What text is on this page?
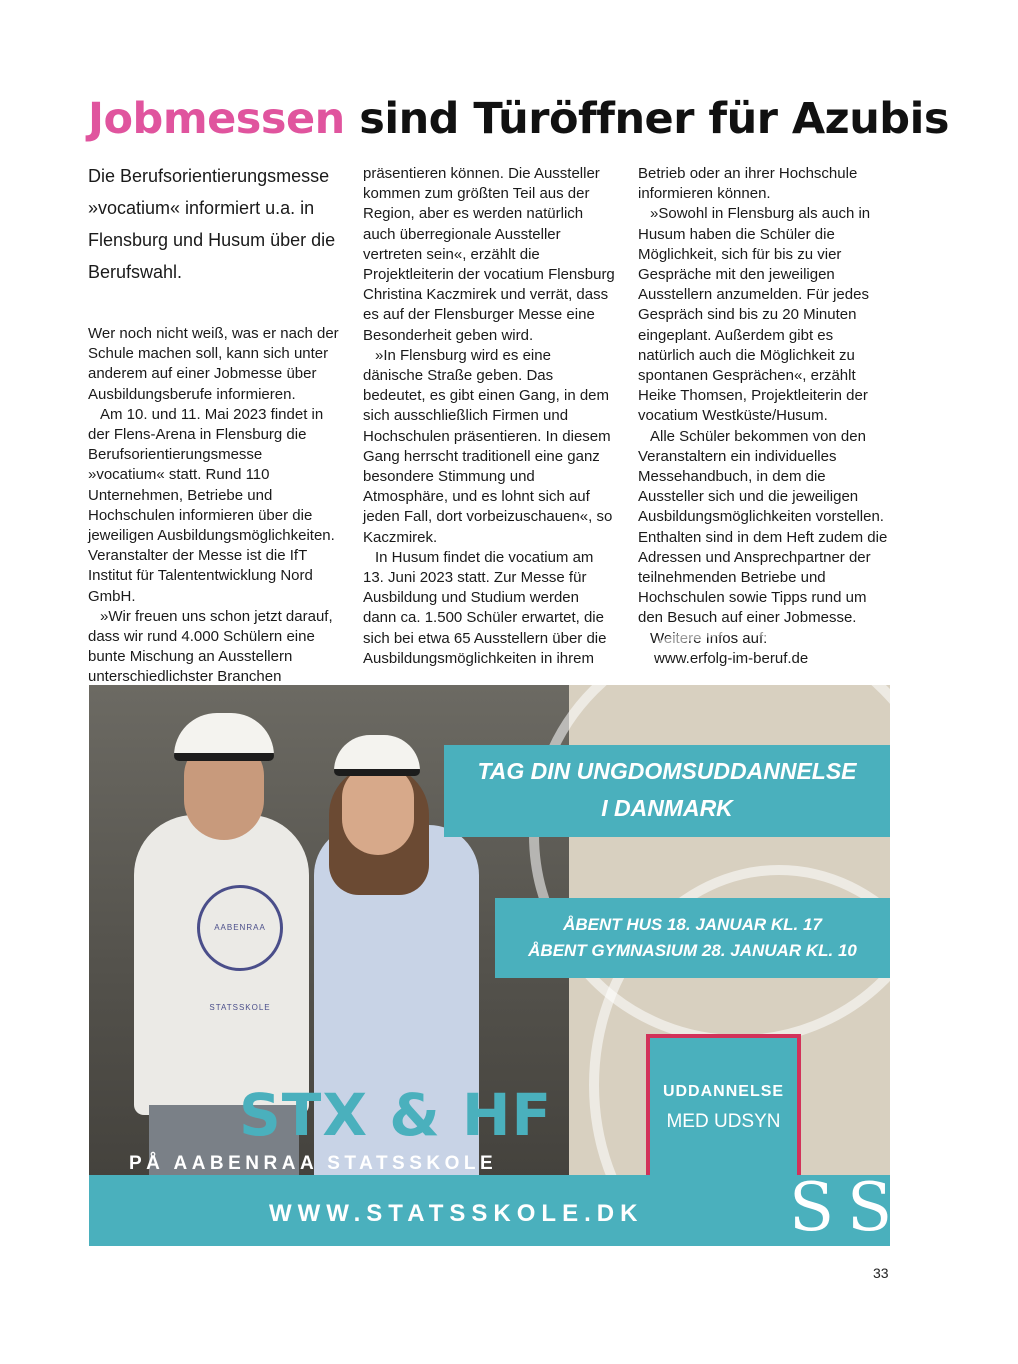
Jobmessen sind Türöffner für Azubis

Die Berufsorientierungsmesse »vocatium« informiert u.a. in Flensburg und Husum über die Berufswahl.

Wer noch nicht weiß, was er nach der Schule machen soll, kann sich unter anderem auf einer Jobmesse über Ausbildungsberufe informieren.

Am 10. und 11. Mai 2023 findet in der Flens-Arena in Flensburg die Berufsorientierungsmesse »vocatium« statt. Rund 110 Unternehmen, Betriebe und Hochschulen informieren über die jeweiligen Ausbildungsmöglichkeiten. Veranstalter der Messe ist die IfT Institut für Talententwicklung Nord GmbH.

»Wir freuen uns schon jetzt darauf, dass wir rund 4.000 Schülern eine bunte Mischung an Ausstellern unterschiedlichster Branchen

präsentieren können. Die Aussteller kommen zum größten Teil aus der Region, aber es werden natürlich auch überregionale Aussteller vertreten sein«, erzählt die Projektleiterin der vocatium Flensburg Christina Kaczmirek und verrät, dass es auf der Flensburger Messe eine Besonderheit geben wird.

»In Flensburg wird es eine dänische Straße geben. Das bedeutet, es gibt einen Gang, in dem sich ausschließlich Firmen und Hochschulen präsentieren. In diesem Gang herrscht traditionell eine ganz besondere Stimmung und Atmosphäre, und es lohnt sich auf jeden Fall, dort vorbeizuschauen«, so Kaczmirek.

In Husum findet die vocatium am 13. Juni 2023 statt. Zur Messe für Ausbildung und Studium werden dann ca. 1.500 Schüler erwartet, die sich bei etwa 65 Ausstellern über die Ausbildungsmöglichkeiten in ihrem

Betrieb oder an ihrer Hochschule informieren können.

»Sowohl in Flensburg als auch in Husum haben die Schüler die Möglichkeit, sich für bis zu vier Gespräche mit den jeweiligen Ausstellern anzumelden. Für jedes Gespräch sind bis zu 20 Minuten eingeplant. Außerdem gibt es natürlich auch die Möglichkeit zu spontanen Gesprächen«, erzählt Heike Thomsen, Projektleiterin der vocatium Westküste/Husum.

Alle Schüler bekommen von den Veranstaltern ein individuelles Messehandbuch, in dem die Aussteller sich und die jeweiligen Ausbildungsmöglichkeiten vorstellen. Enthalten sind in dem Heft zudem die Adressen und Ansprechpartner der teilnehmenden Betriebe und Hochschulen sowie Tipps rund um den Besuch auf einer Jobmesse.

Weitere Infos auf:

www.erfolg-im-beruf.de

AABENRAA STATSSKOLE
TAG DIN UNGDOMSUDDANNELSE
I DANMARK
ÅBENT HUS 18. JANUAR KL. 17
ÅBENT GYMNASIUM 28. JANUAR KL. 10
UDDANNELSE
MED UDSYN
STX & HF
PÅ AABENRAA STATSSKOLE
WWW.STATSSKOLE.DK SS
33
